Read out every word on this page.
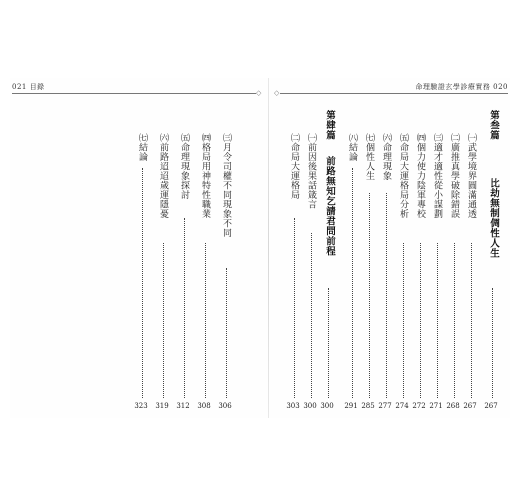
021 目錄	命理驗證玄學診療實務 020
◇ ◇
㈢月令司權不同現象不同
306
㈣格局用神特性職業
308
㈤命理現象探討
312
㈥前路迢迢歲運隱憂
319
㈦結論
323
第叁篇
比劫無制倜性人生
267
㈠武學境界圓滿通透
267
㈡廣推真學破除錯誤
268
㈢適才適性從小謀劃
271
㈣個力使力陰軍專校
272
㈤命局大運格局分析
274
㈥命理現象
277
㈦個性人生
285
㈧結論
291
第肆篇
前路無知乞請君問前程
300
㈠前因後果話箴言
300
㈡命局大運格局
303
